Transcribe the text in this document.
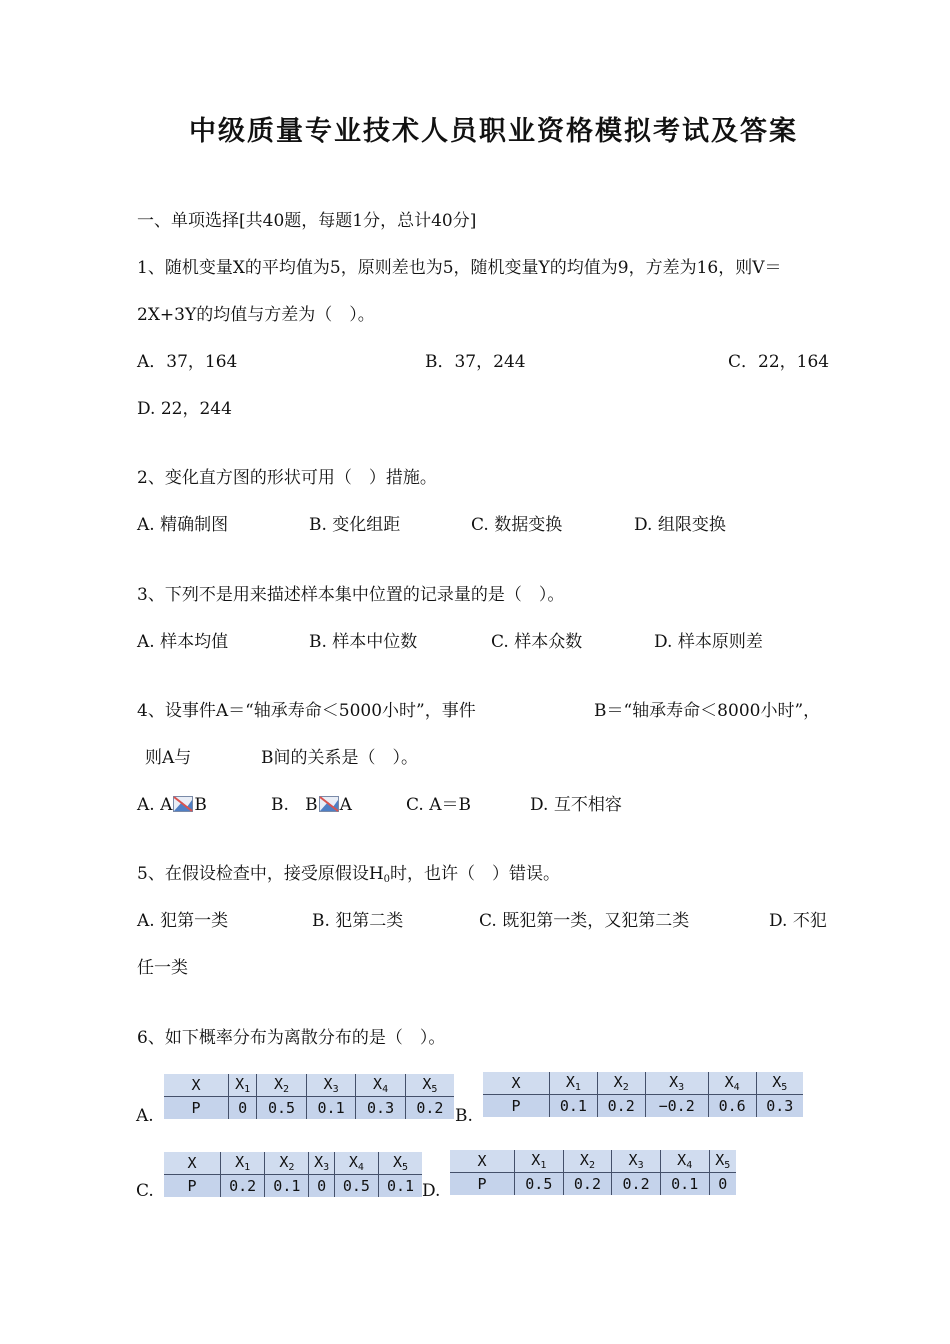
中级质量专业技术人员职业资格模拟考试及答案
一、单项选择[共40题，每题1分，总计40分]
1、随机变量X的平均值为5，原则差也为5，随机变量Y的均值为9，方差为16，则V＝
2X+3Y的均值与方差为（　）。
A．37，164	B．37，244	C．22，164
D. 22，244
2、变化直方图的形状可用（　）措施。
A. 精确制图	B. 变化组距	C. 数据变换	D. 组限变换
3、下列不是用来描述样本集中位置的记录量的是（　）。
A. 样本均值	B. 样本中位数	C. 样本众数	D. 样本原则差
4、设事件A＝“轴承寿命＜5000小时”，事件	B＝“轴承寿命＜8000小时”，
则A与	B间的关系是（　）。
A. A B	B. B A	C. A＝B	D. 互不相容
5、在假设检查中，接受原假设$H_0$时，也许（　）错误。
A. 犯第一类	B. 犯第二类	C. 既犯第一类，又犯第二类	D. 不犯
任一类
6、如下概率分布为离散分布的是（　）。
A.
X	$X_1$	$X_2$	$X_3$	$X_4$	$X_5$
P	0	0.5	0.1	0.3	0.2 B.
X	$X_1$	$X_2$	$X_3$	$X_4$	$X_5$
P	0.1	0.2	−0.2	0.6	0.3
C.
X	$X_1$	$X_2$	$X_3$	$X_4$	$X_5$
P	0.2	0.1	0	0.5	0.1 D.
X	$X_1$	$X_2$	$X_3$	$X_4$	$X_5$
P	0.5	0.2	0.2	0.1	0
